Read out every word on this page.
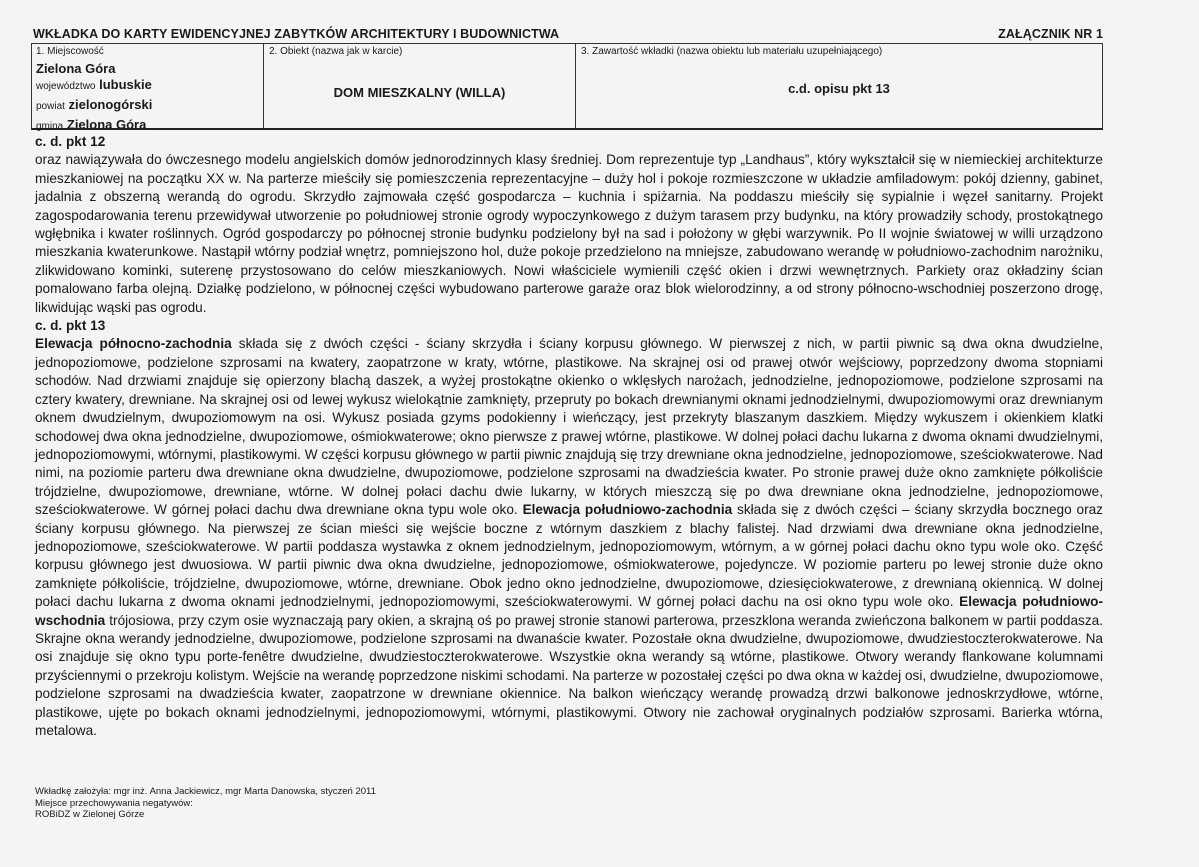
WKŁADKA DO KARTY EWIDENCYJNEJ ZABYTKÓW ARCHITEKTURY I BUDOWNICTWA	ZAŁĄCZNIK NR 1
1. Miejscowość
Zielona Góra
województwo lubuskie
powiat zielonogórski
gmina Zielona Góra
2. Obiekt (nazwa jak w karcie)
DOM MIESZKALNY (WILLA)
3. Zawartość wkładki (nazwa obiektu lub materiału uzupełniającego)
c.d. opisu pkt 13

c. d. pkt 12

oraz nawiązywała do ówczesnego modelu angielskich domów jednorodzinnych klasy średniej. Dom reprezentuje typ „Landhaus”, który wykształcił się w niemieckiej architekturze mieszkaniowej na początku XX w. Na parterze mieściły się pomieszczenia reprezentacyjne – duży hol i pokoje rozmieszczone w układzie amfiladowym: pokój dzienny, gabinet, jadalnia z obszerną werandą do ogrodu. Skrzydło zajmowała część gospodarcza – kuchnia i spiżarnia. Na poddaszu mieściły się sypialnie i węzeł sanitarny. Projekt zagospodarowania terenu przewidywał utworzenie po południowej stronie ogrody wypoczynkowego z dużym tarasem przy budynku, na który prowadziły schody, prostokątnego wgłębnika i kwater roślinnych. Ogród gospodarczy po północnej stronie budynku podzielony był na sad i położony w głębi warzywnik. Po II wojnie światowej w willi urządzono mieszkania kwaterunkowe. Nastąpił wtórny podział wnętrz, pomniejszono hol, duże pokoje przedzielono na mniejsze, zabudowano werandę w południowo-zachodnim narożniku, zlikwidowano kominki, suterenę przystosowano do celów mieszkaniowych. Nowi właściciele wymienili część okien i drzwi wewnętrznych. Parkiety oraz okładziny ścian pomalowano farba olejną. Działkę podzielono, w północnej części wybudowano parterowe garaże oraz blok wielorodzinny, a od strony północno-wschodniej poszerzono drogę, likwidując wąski pas ogrodu.

c. d. pkt 13

Elewacja północno-zachodnia składa się z dwóch części - ściany skrzydła i ściany korpusu głównego. W pierwszej z nich, w partii piwnic są dwa okna dwudzielne, jednopoziomowe, podzielone szprosami na kwatery, zaopatrzone w kraty, wtórne, plastikowe. Na skrajnej osi od prawej otwór wejściowy, poprzedzony dwoma stopniami schodów. Nad drzwiami znajduje się opierzony blachą daszek, a wyżej prostokątne okienko o wklęsłych narożach, jednodzielne, jednopoziomowe, podzielone szprosami na cztery kwatery, drewniane. Na skrajnej osi od lewej wykusz wielokątnie zamknięty, przepruty po bokach drewnianymi oknami jednodzielnymi, dwupoziomowymi oraz drewnianym oknem dwudzielnym, dwupoziomowym na osi. Wykusz posiada gzyms podokienny i wieńczący, jest przekryty blaszanym daszkiem. Między wykuszem i okienkiem klatki schodowej dwa okna jednodzielne, dwupoziomowe, ośmiokwaterowe; okno pierwsze z prawej wtórne, plastikowe. W dolnej połaci dachu lukarna z dwoma oknami dwudzielnymi, jednopoziomowymi, wtórnymi, plastikowymi. W części korpusu głównego w partii piwnic znajdują się trzy drewniane okna jednodzielne, jednopoziomowe, sześciokwaterowe. Nad nimi, na poziomie parteru dwa drewniane okna dwudzielne, dwupoziomowe, podzielone szprosami na dwadzieścia kwater. Po stronie prawej duże okno zamknięte półkoliście trójdzielne, dwupoziomowe, drewniane, wtórne. W dolnej połaci dachu dwie lukarny, w których mieszczą się po dwa drewniane okna jednodzielne, jednopoziomowe, sześciokwaterowe. W górnej połaci dachu dwa drewniane okna typu wole oko. Elewacja południowo-zachodnia składa się z dwóch części – ściany skrzydła bocznego oraz ściany korpusu głównego. Na pierwszej ze ścian mieści się wejście boczne z wtórnym daszkiem z blachy falistej. Nad drzwiami dwa drewniane okna jednodzielne, jednopoziomowe, sześciokwaterowe. W partii poddasza wystawka z oknem jednodzielnym, jednopoziomowym, wtórnym, a w górnej połaci dachu okno typu wole oko. Część korpusu głównego jest dwuosiowa. W partii piwnic dwa okna dwudzielne, jednopoziomowe, ośmiokwaterowe, pojedyncze. W poziomie parteru po lewej stronie duże okno zamknięte półkoliście, trójdzielne, dwupoziomowe, wtórne, drewniane. Obok jedno okno jednodzielne, dwupoziomowe, dziesięciokwaterowe, z drewnianą okiennicą. W dolnej połaci dachu lukarna z dwoma oknami jednodzielnymi, jednopoziomowymi, sześciokwaterowymi. W górnej połaci dachu na osi okno typu wole oko. Elewacja południowo-wschodnia trójosiowa, przy czym osie wyznaczają pary okien, a skrajną oś po prawej stronie stanowi parterowa, przeszklona weranda zwieńczona balkonem w partii poddasza. Skrajne okna werandy jednodzielne, dwupoziomowe, podzielone szprosami na dwanaście kwater. Pozostałe okna dwudzielne, dwupoziomowe, dwudziestoczterokwaterowe. Na osi znajduje się okno typu porte-fenêtre dwudzielne, dwudziestoczterokwaterowe. Wszystkie okna werandy są wtórne, plastikowe. Otwory werandy flankowane kolumnami przyściennymi o przekroju kolistym. Wejście na werandę poprzedzone niskimi schodami. Na parterze w pozostałej części po dwa okna w każdej osi, dwudzielne, dwupoziomowe, podzielone szprosami na dwadzieścia kwater, zaopatrzone w drewniane okiennice. Na balkon wieńczący werandę prowadzą drzwi balkonowe jednoskrzydłowe, wtórne, plastikowe, ujęte po bokach oknami jednodzielnymi, jednopoziomowymi, wtórnymi, plastikowymi. Otwory nie zachował oryginalnych podziałów szprosami. Barierka wtórna, metalowa.

Wkładkę założyła: mgr inż. Anna Jackiewicz, mgr Marta Danowska, styczeń 2011
Miejsce przechowywania negatywów:
ROBiDZ w Zielonej Górze
